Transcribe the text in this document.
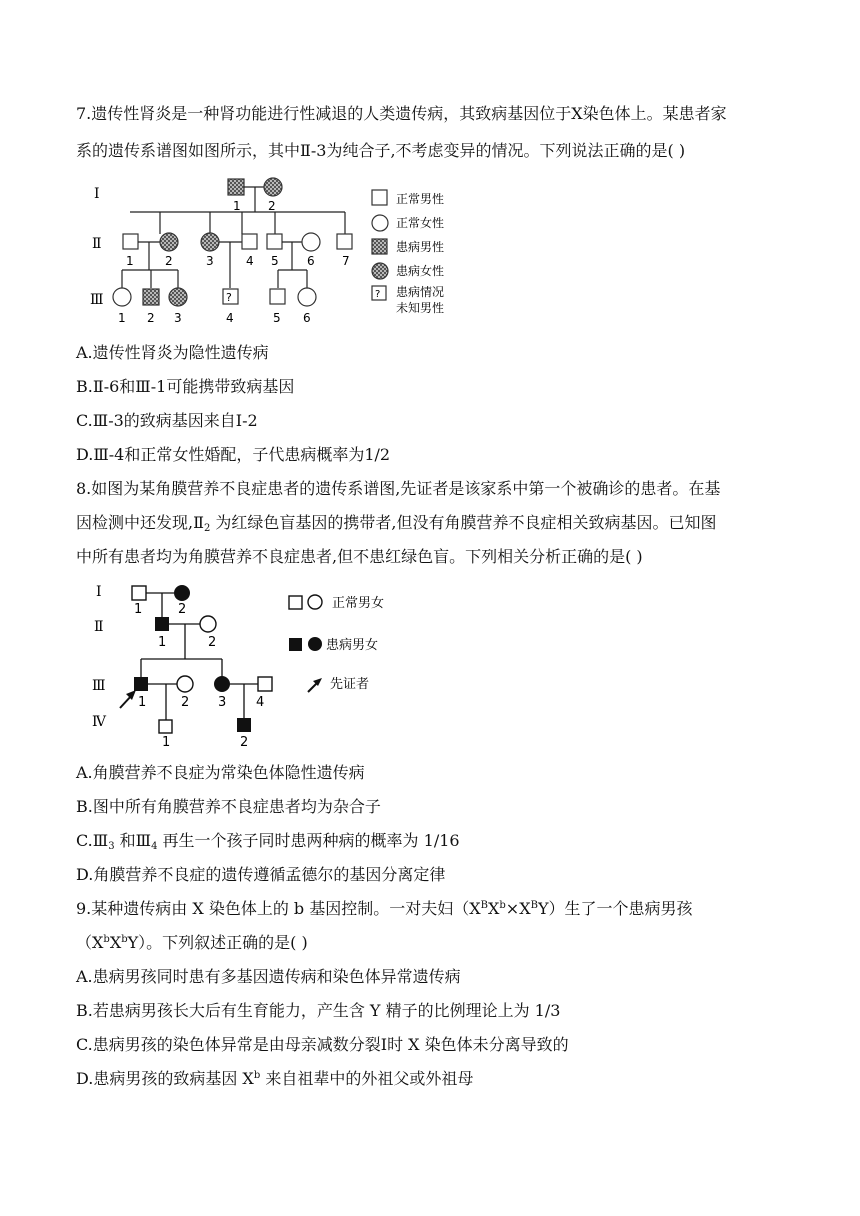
7.遗传性肾炎是一种肾功能进行性减退的人类遗传病，其致病基因位于X染色体上。某患者家
系的遗传系谱图如图所示，其中Ⅱ-3为纯合子,不考虑变异的情况。下列说法正确的是( )
Ⅰ
Ⅱ
Ⅲ
1 2
1	2	3	4 5 6 7
?
1 2 3	4	5 6
正常男性
正常女性
患病男性
患病女性
? 患病情况
未知男性
A.遗传性肾炎为隐性遗传病
B.Ⅱ-6和Ⅲ-1可能携带致病基因
C.Ⅲ-3的致病基因来自Ⅰ-2
D.Ⅲ-4和正常女性婚配，子代患病概率为1/2
8.如图为某角膜营养不良症患者的遗传系谱图,先证者是该家系中第一个被确诊的患者。在基
因检测中还发现$,Ⅱ_2$ 为红绿色盲基因的携带者,但没有角膜营养不良症相关致病基因。已知图
中所有患者均为角膜营养不良症患者,但不患红绿色盲。下列相关分析正确的是( )
Ⅰ
Ⅱ
Ⅲ
Ⅳ
1	2
1	2
1	2 3 4
1	2
正常男女
患病男女
先证者
A.角膜营养不良症为常染色体隐性遗传病
B.图中所有角膜营养不良症患者均为杂合子
$C.Ⅲ_3$ 和$Ⅲ_4$ 再生一个孩子同时患两种病的概率为 1/16
D.角膜营养不良症的遗传遵循孟德尔的基因分离定律
9.某种遗传病由 X 染色体上的 b 基因控制。一对夫妇$(X^BX^b\times X^BY)$生了一个患病男孩
$(X^bX^bY)$。下列叙述正确的是( )
A.患病男孩同时患有多基因遗传病和染色体异常遗传病
B.若患病男孩长大后有生育能力，产生含 Y 精子的比例理论上为 1/3
C.患病男孩的染色体异常是由母亲减数分裂Ⅰ时 X 染色体未分离导致的
D.患病男孩的致病基因 $X^b$ 来自祖辈中的外祖父或外祖母
